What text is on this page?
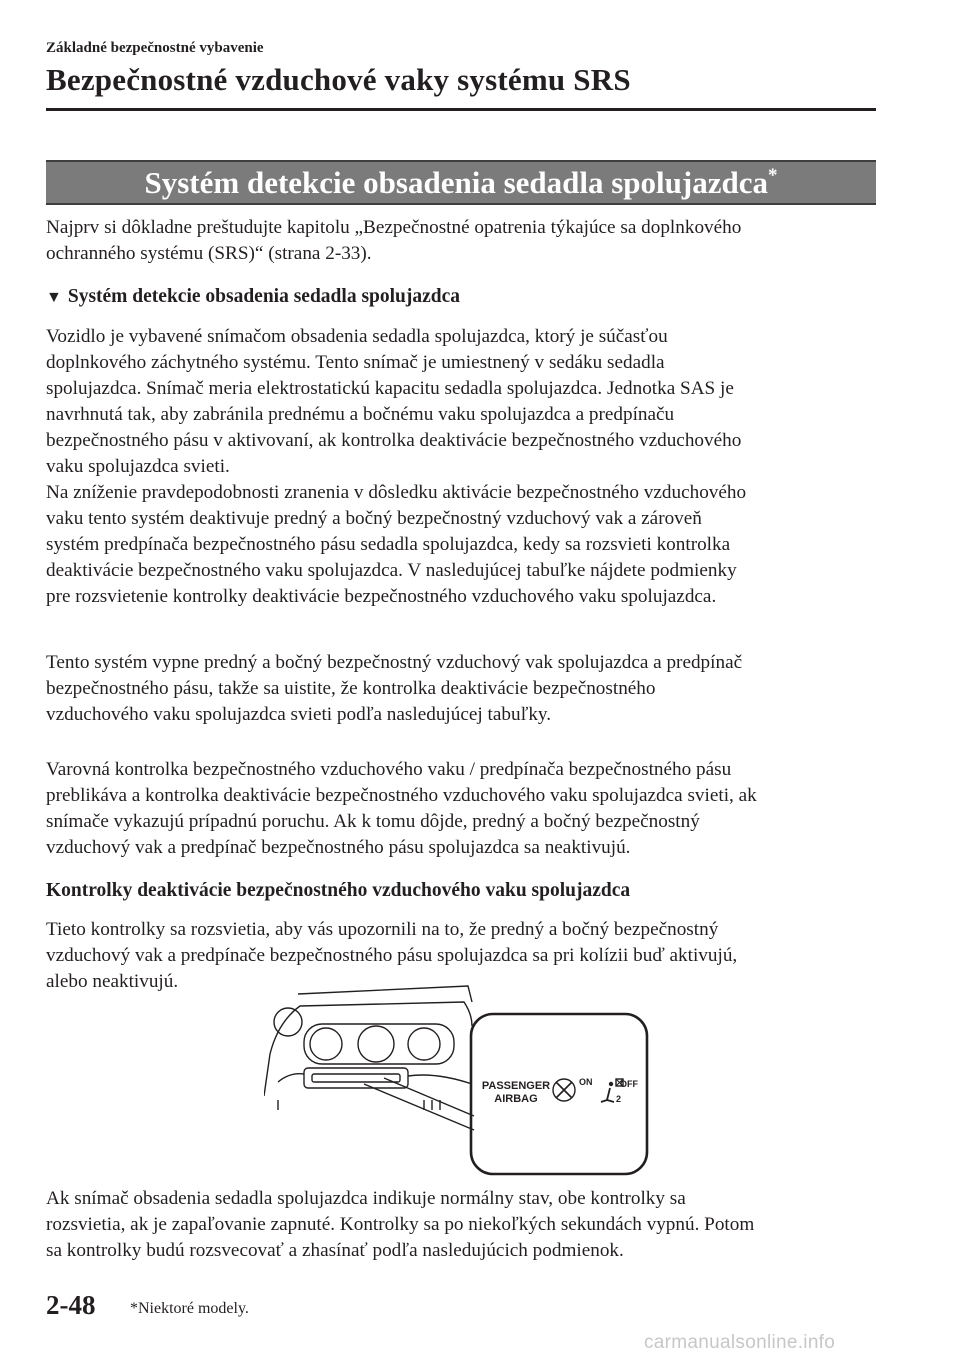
Základné bezpečnostné vybavenie
Bezpečnostné vzduchové vaky systému SRS
Systém detekcie obsadenia sedadla spolujazdca*
Najprv si dôkladne preštudujte kapitolu „Bezpečnostné opatrenia týkajúce sa doplnkového
ochranného systému (SRS)“ (strana 2-33).
▼ Systém detekcie obsadenia sedadla spolujazdca
Vozidlo je vybavené snímačom obsadenia sedadla spolujazdca, ktorý je súčasťou
doplnkového záchytného systému. Tento snímač je umiestnený v sedáku sedadla
spolujazdca. Snímač meria elektrostatickú kapacitu sedadla spolujazdca. Jednotka SAS je
navrhnutá tak, aby zabránila prednému a bočnému vaku spolujazdca a predpínaču
bezpečnostného pásu v aktivovaní, ak kontrolka deaktivácie bezpečnostného vzduchového
vaku spolujazdca svieti.
Na zníženie pravdepodobnosti zranenia v dôsledku aktivácie bezpečnostného vzduchového
vaku tento systém deaktivuje predný a bočný bezpečnostný vzduchový vak a zároveň
systém predpínača bezpečnostného pásu sedadla spolujazdca, kedy sa rozsvieti kontrolka
deaktivácie bezpečnostného vaku spolujazdca. V nasledujúcej tabuľke nájdete podmienky
pre rozsvietenie kontrolky deaktivácie bezpečnostného vzduchového vaku spolujazdca.
Tento systém vypne predný a bočný bezpečnostný vzduchový vak spolujazdca a predpínač
bezpečnostného pásu, takže sa uistite, že kontrolka deaktivácie bezpečnostného
vzduchového vaku spolujazdca svieti podľa nasledujúcej tabuľky.
Varovná kontrolka bezpečnostného vzduchového vaku / predpínača bezpečnostného pásu
preblikáva a kontrolka deaktivácie bezpečnostného vzduchového vaku spolujazdca svieti, ak
snímače vykazujú prípadnú poruchu. Ak k tomu dôjde, predný a bočný bezpečnostný
vzduchový vak a predpínač bezpečnostného pásu spolujazdca sa neaktivujú.
Kontrolky deaktivácie bezpečnostného vzduchového vaku spolujazdca
Tieto kontrolky sa rozsvietia, aby vás upozornili na to, že predný a bočný bezpečnostný
vzduchový vak a predpínače bezpečnostného pásu spolujazdca sa pri kolízii buď aktivujú,
alebo neaktivujú.
PASSENGER
AIRBAG
ON	OFF
2
Ak snímač obsadenia sedadla spolujazdca indikuje normálny stav, obe kontrolky sa
rozsvietia, ak je zapaľovanie zapnuté. Kontrolky sa po niekoľkých sekundách vypnú. Potom
sa kontrolky budú rozsvecovať a zhasínať podľa nasledujúcich podmienok.
2-48 *Niektoré modely.
carmanualsonline.info
